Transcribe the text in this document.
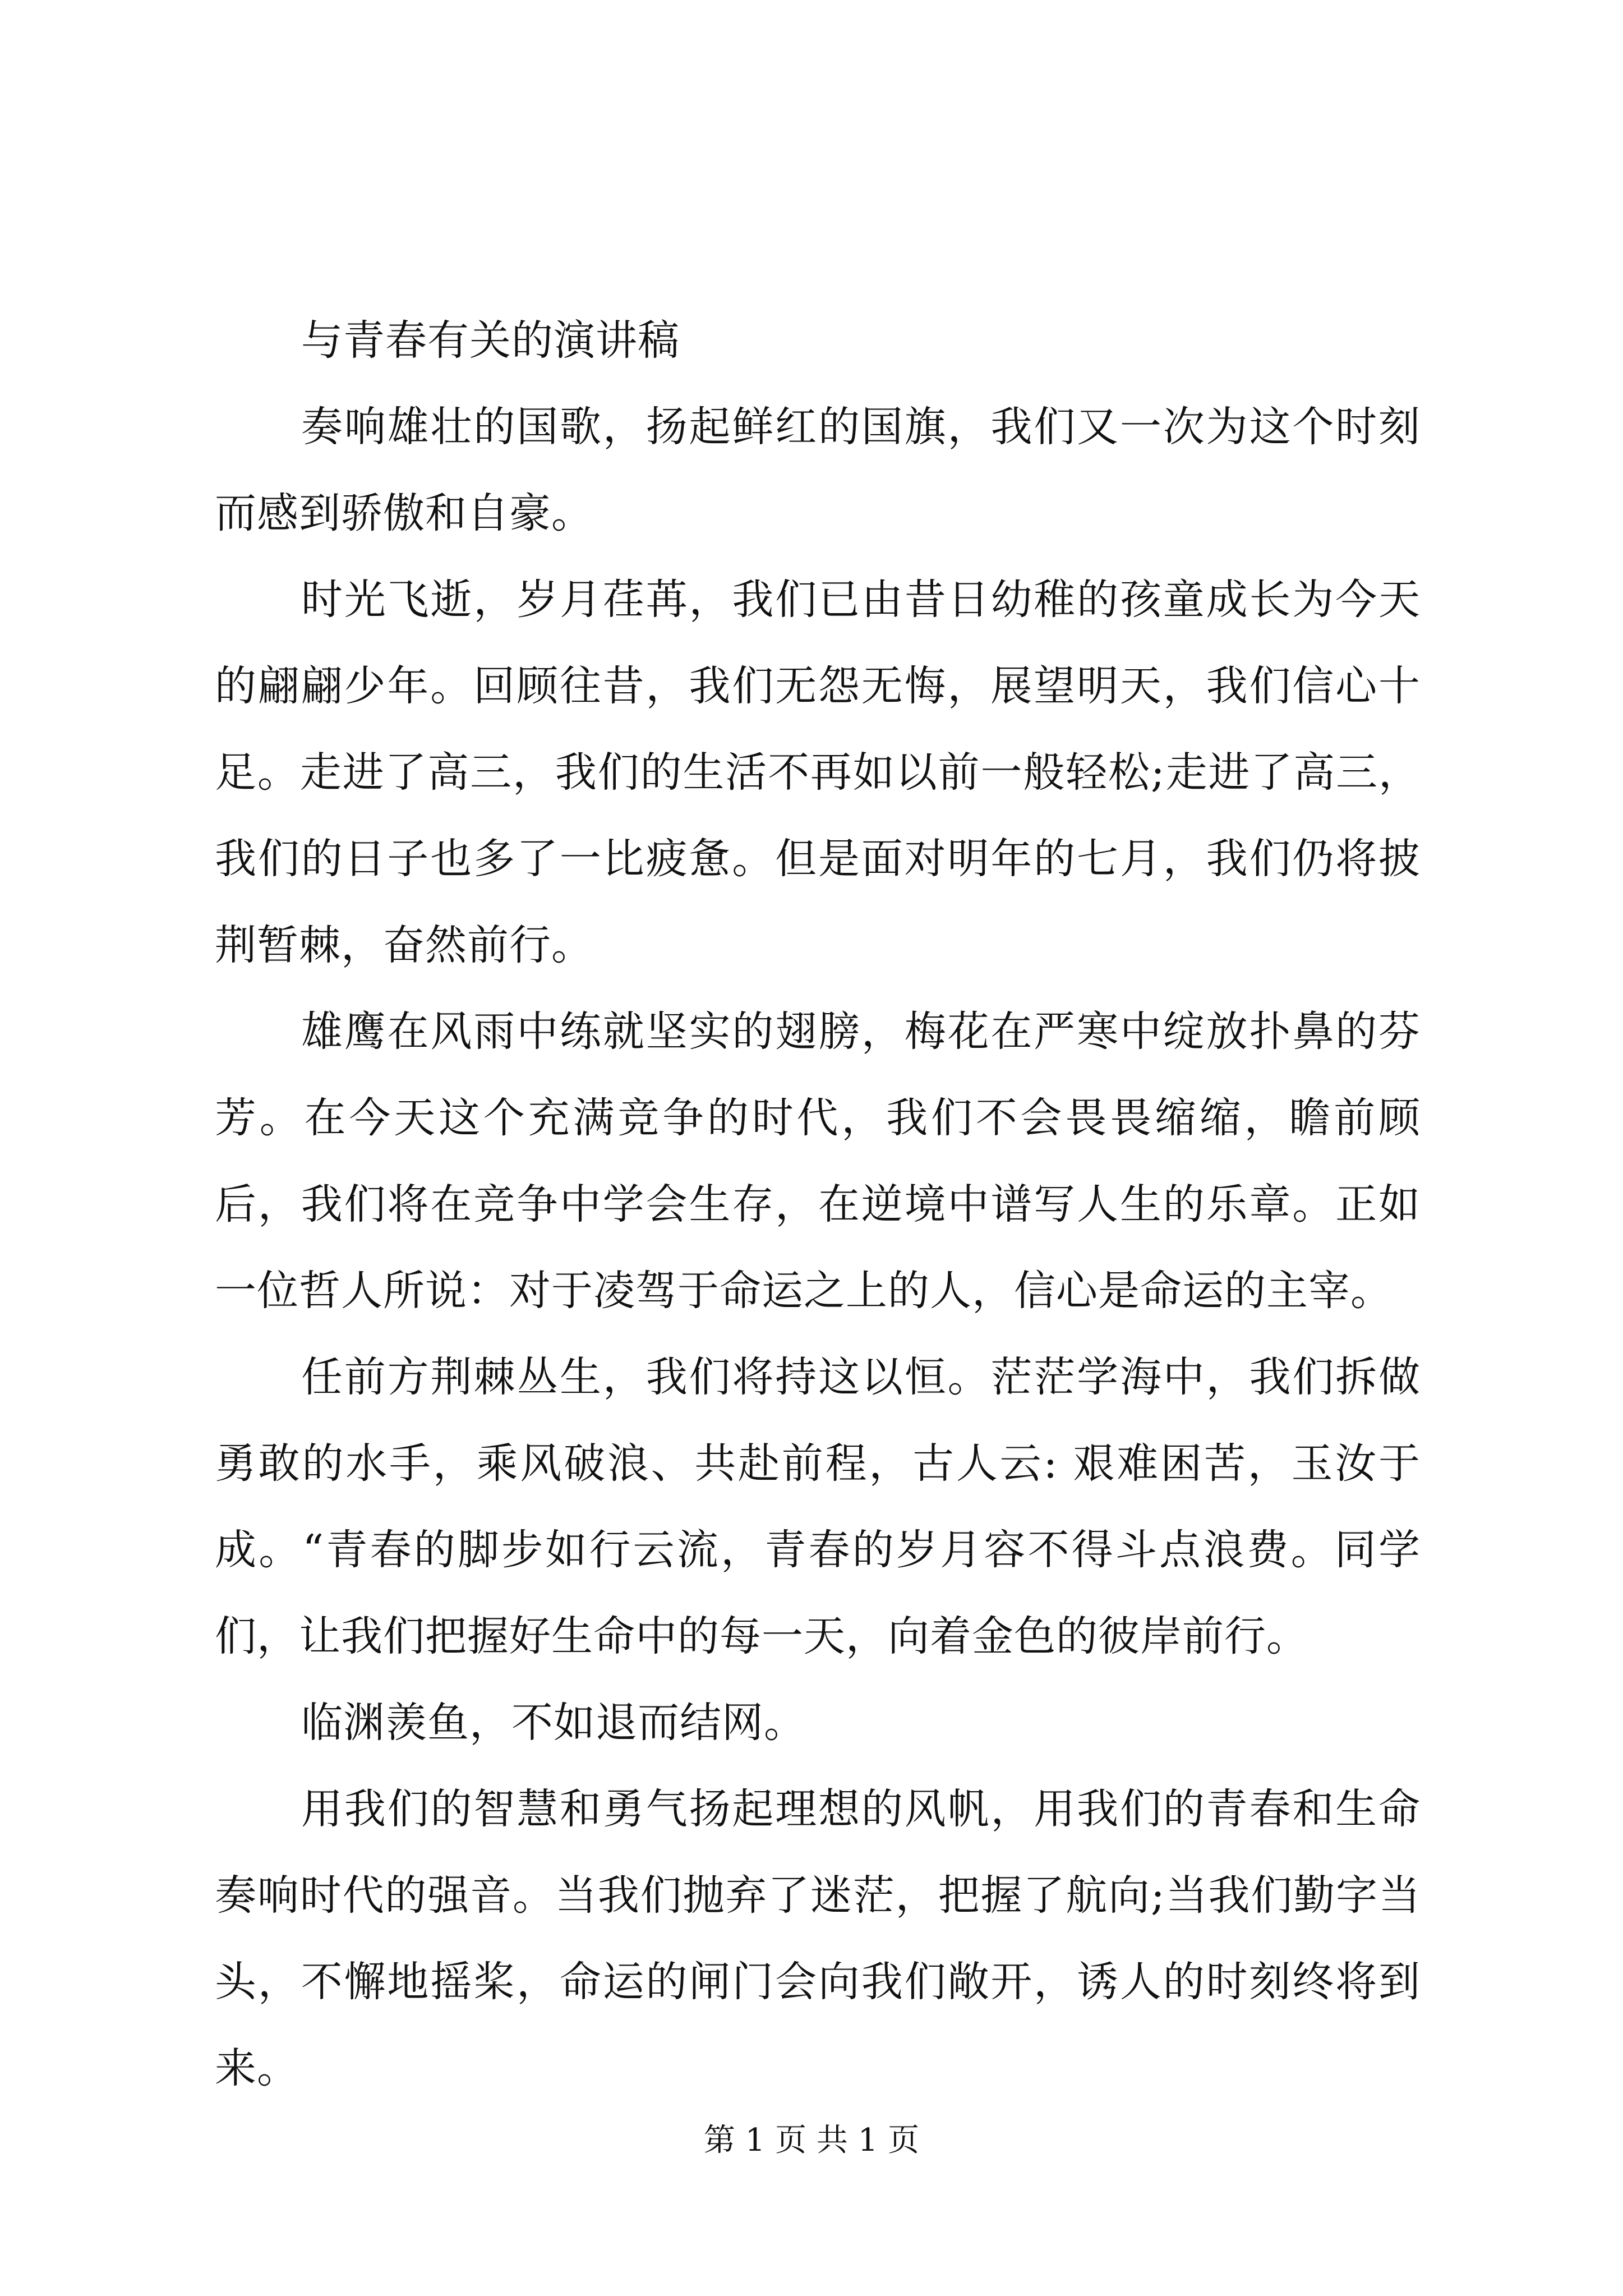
与青春有关的演讲稿

奏响雄壮的国歌，扬起鲜红的国旗，我们又一次为这个时刻而感到骄傲和自豪。

时光飞逝，岁月荏苒，我们已由昔日幼稚的孩童成长为今天的翩翩少年。回顾往昔，我们无怨无悔，展望明天，我们信心十足。走进了高三，我们的生活不再如以前一般轻松;走进了高三，我们的日子也多了一比疲惫。但是面对明年的七月，我们仍将披荆暂棘，奋然前行。

雄鹰在风雨中练就坚实的翅膀，梅花在严寒中绽放扑鼻的芬芳。在今天这个充满竞争的时代，我们不会畏畏缩缩，瞻前顾后，我们将在竞争中学会生存，在逆境中谱写人生的乐章。正如一位哲人所说：对于凌驾于命运之上的人，信心是命运的主宰。

任前方荆棘丛生，我们将持这以恒。茫茫学海中，我们拆做勇敢的水手，乘风破浪、共赴前程，古人云: 艰难困苦，玉汝于成。“青春的脚步如行云流，青春的岁月容不得斗点浪费。同学们，让我们把握好生命中的每一天，向着金色的彼岸前行。

临渊羡鱼，不如退而结网。

用我们的智慧和勇气扬起理想的风帆，用我们的青春和生命奏响时代的强音。当我们抛弃了迷茫，把握了航向;当我们勤字当头，不懈地摇桨，命运的闸门会向我们敞开，诱人的时刻终将到来。

第 1 页 共 1 页
